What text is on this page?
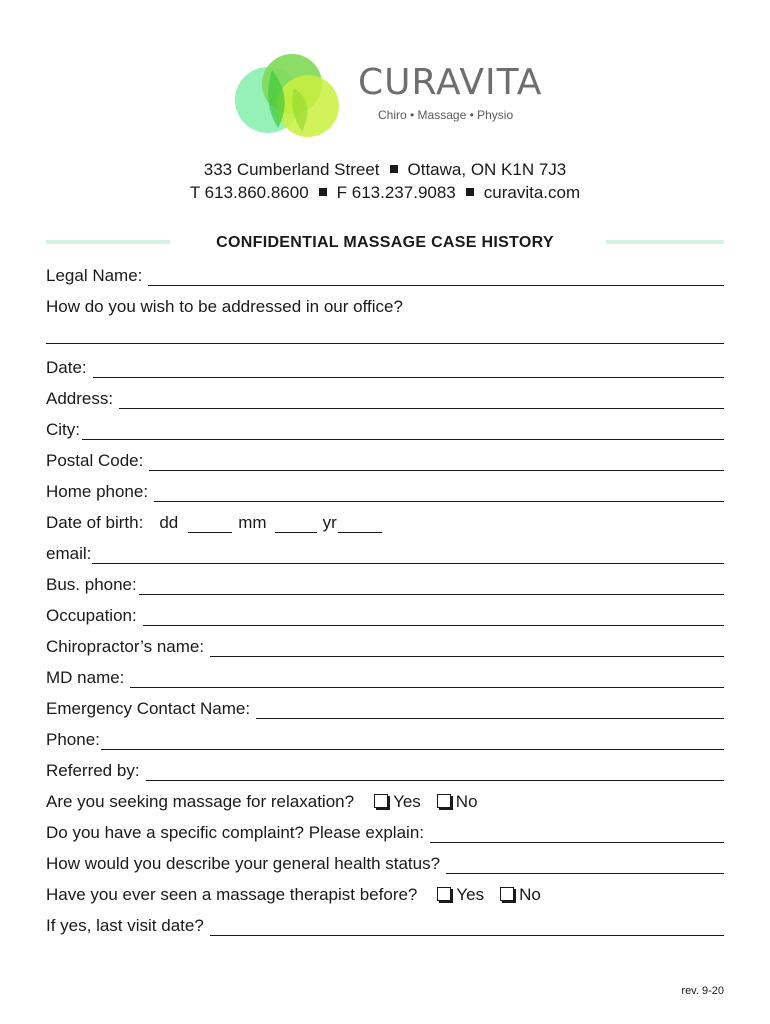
CURAVITA
Chiro • Massage • Physio
333 Cumberland Street Ottawa, ON K1N 7J3
T 613.860.8600 F 613.237.9083 curavita.com
CONFIDENTIAL MASSAGE CASE HISTORY
Legal Name:
How do you wish to be addressed in our office?
Date:
Address:
City:
Postal Code:
Home phone:
Date of birth: dd	mm	yr
email:
Bus. phone:
Occupation:
Chiropractor’s name:
MD name:
Emergency Contact Name:
Phone:
Referred by:
Are you seeking massage for relaxation?	Yes	No
Do you have a specific complaint? Please explain:
How would you describe your general health status?
Have you ever seen a massage therapist before?	Yes	No
If yes, last visit date?
rev. 9-20
